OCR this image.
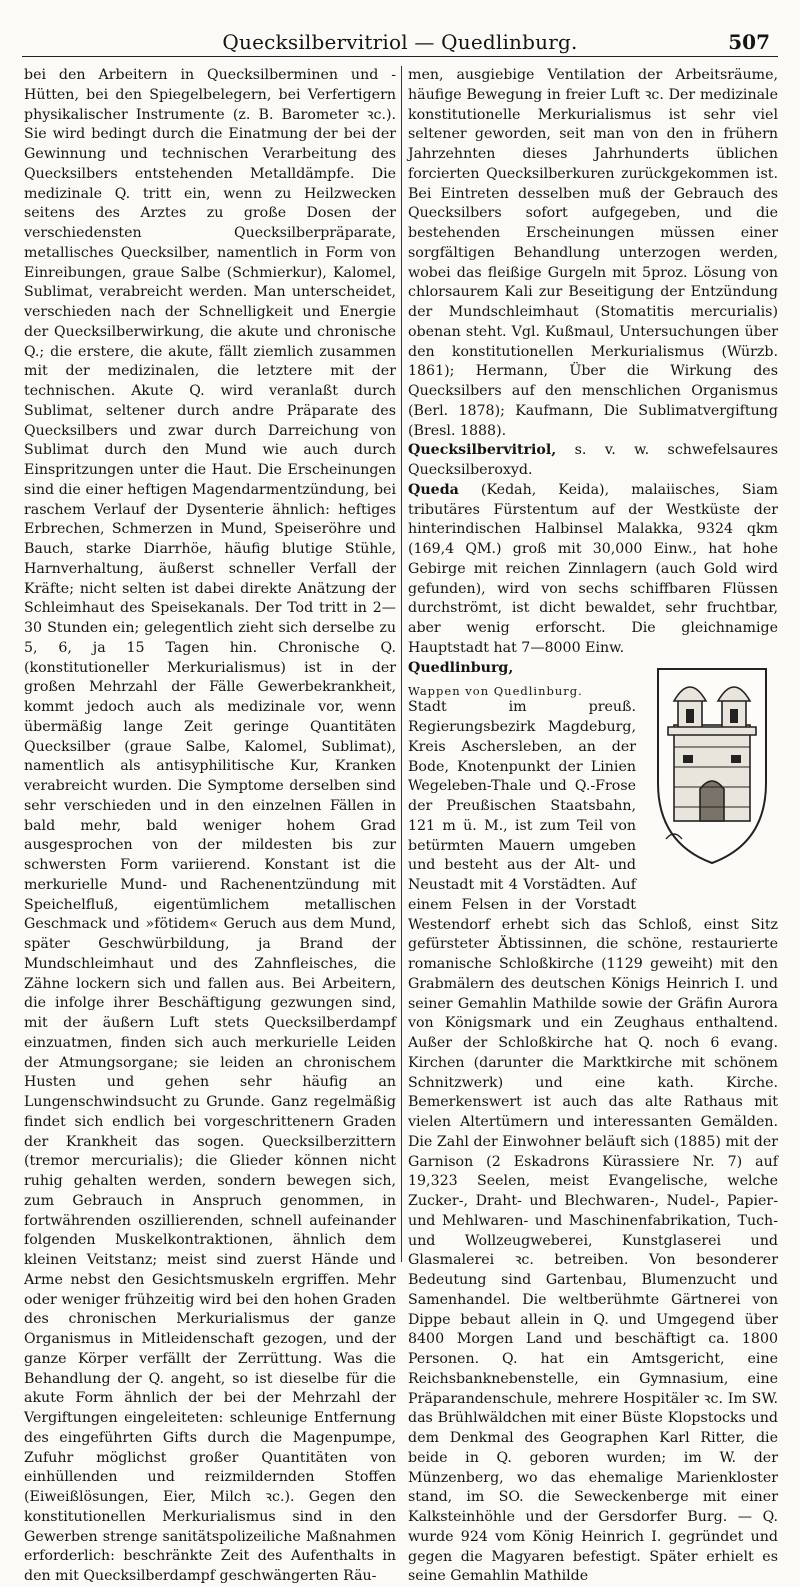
Quecksilbervitriol — Quedlinburg.	507

bei den Arbeitern in Quecksilberminen und -Hütten, bei den Spiegelbelegern, bei Verfertigern physikalischer Instrumente (z. B. Barometer ꝛc.). Sie wird bedingt durch die Einatmung der bei der Gewinnung und technischen Verarbeitung des Quecksilbers entstehenden Metalldämpfe. Die medizinale Q. tritt ein, wenn zu Heilzwecken seitens des Arztes zu große Dosen der verschiedensten Quecksilberpräparate, metallisches Quecksilber, namentlich in Form von Einreibungen, graue Salbe (Schmierkur), Kalomel, Sublimat, verabreicht werden. Man unterscheidet, verschieden nach der Schnelligkeit und Energie der Quecksilberwirkung, die akute und chronische Q.; die erstere, die akute, fällt ziemlich zusammen mit der medizinalen, die letztere mit der technischen. Akute Q. wird veranlaßt durch Sublimat, seltener durch andre Präparate des Quecksilbers und zwar durch Darreichung von Sublimat durch den Mund wie auch durch Einspritzungen unter die Haut. Die Erscheinungen sind die einer heftigen Magendarmentzündung, bei raschem Verlauf der Dysenterie ähnlich: heftiges Erbrechen, Schmerzen in Mund, Speiseröhre und Bauch, starke Diarrhöe, häufig blutige Stühle, Harnverhaltung, äußerst schneller Verfall der Kräfte; nicht selten ist dabei direkte Anätzung der Schleimhaut des Speisekanals. Der Tod tritt in 2—30 Stunden ein; gelegentlich zieht sich derselbe zu 5, 6, ja 15 Tagen hin. Chronische Q. (konstitutioneller Merkurialismus) ist in der großen Mehrzahl der Fälle Gewerbekrankheit, kommt jedoch auch als medizinale vor, wenn übermäßig lange Zeit geringe Quantitäten Quecksilber (graue Salbe, Kalomel, Sublimat), namentlich als antisyphilitische Kur, Kranken verabreicht wurden. Die Symptome derselben sind sehr verschieden und in den einzelnen Fällen in bald mehr, bald weniger hohem Grad ausgesprochen von der mildesten bis zur schwersten Form variierend. Konstant ist die merkurielle Mund- und Rachenentzündung mit Speichelfluß, eigentümlichem metallischen Geschmack und »fötidem« Geruch aus dem Mund, später Geschwürbildung, ja Brand der Mundschleimhaut und des Zahnfleisches, die Zähne lockern sich und fallen aus. Bei Arbeitern, die infolge ihrer Beschäftigung gezwungen sind, mit der äußern Luft stets Quecksilberdampf einzuatmen, finden sich auch merkurielle Leiden der Atmungsorgane; sie leiden an chronischem Husten und gehen sehr häufig an Lungenschwindsucht zu Grunde. Ganz regelmäßig findet sich endlich bei vorgeschrittenern Graden der Krankheit das sogen. Quecksilberzittern (tremor mercurialis); die Glieder können nicht ruhig gehalten werden, sondern bewegen sich, zum Gebrauch in Anspruch genommen, in fortwährenden oszillierenden, schnell aufeinander folgenden Muskelkontraktionen, ähnlich dem kleinen Veitstanz; meist sind zuerst Hände und Arme nebst den Gesichtsmuskeln ergriffen. Mehr oder weniger frühzeitig wird bei den hohen Graden des chronischen Merkurialismus der ganze Organismus in Mitleidenschaft gezogen, und der ganze Körper verfällt der Zerrüttung. Was die Behandlung der Q. angeht, so ist dieselbe für die akute Form ähnlich der bei der Mehrzahl der Vergiftungen eingeleiteten: schleunige Entfernung des eingeführten Gifts durch die Magenpumpe, Zufuhr möglichst großer Quantitäten von einhüllenden und reizmildernden Stoffen (Eiweißlösungen, Eier, Milch ꝛc.). Gegen den konstitutionellen Merkurialismus sind in den Gewerben strenge sanitätspolizeiliche Maßnahmen erforderlich: beschränkte Zeit des Aufenthalts in den mit Quecksilberdampf geschwängerten Räu-

men, ausgiebige Ventilation der Arbeitsräume, häufige Bewegung in freier Luft ꝛc. Der medizinale konstitutionelle Merkurialismus ist sehr viel seltener geworden, seit man von den in frühern Jahrzehnten dieses Jahrhunderts üblichen forcierten Quecksilberkuren zurückgekommen ist. Bei Eintreten desselben muß der Gebrauch des Quecksilbers sofort aufgegeben, und die bestehenden Erscheinungen müssen einer sorgfältigen Behandlung unterzogen werden, wobei das fleißige Gurgeln mit 5proz. Lösung von chlorsaurem Kali zur Beseitigung der Entzündung der Mundschleimhaut (Stomatitis mercurialis) obenan steht. Vgl. Kußmaul, Untersuchungen über den konstitutionellen Merkurialismus (Würzb. 1861); Hermann, Über die Wirkung des Quecksilbers auf den menschlichen Organismus (Berl. 1878); Kaufmann, Die Sublimatvergiftung (Bresl. 1888).

Quecksilbervitriol, s. v. w. schwefelsaures Quecksilberoxyd.

Queda (Kedah, Keida), malaiisches, Siam tributäres Fürstentum auf der Westküste der hinterindischen Halbinsel Malakka, 9324 qkm (169,4 QM.) groß mit 30,000 Einw., hat hohe Gebirge mit reichen Zinnlagern (auch Gold wird gefunden), wird von sechs schiffbaren Flüssen durchströmt, ist dicht bewaldet, sehr fruchtbar, aber wenig erforscht. Die gleichnamige Hauptstadt hat 7—8000 Einw.

Quedlinburg,

Wappen von Quedlinburg.
Stadt im preuß. Regierungsbezirk Magdeburg, Kreis Aschersleben, an der Bode, Knotenpunkt der Linien Wegeleben-Thale und Q.-Frose der Preußischen Staatsbahn, 121 m ü. M., ist zum Teil von betürmten Mauern umgeben und besteht aus der Alt- und Neustadt mit 4 Vorstädten. Auf einem Felsen in der Vorstadt Westendorf erhebt sich das Schloß, einst Sitz gefürsteter Äbtissinnen, die schöne, restaurierte romanische Schloßkirche (1129 geweiht) mit den Grabmälern des deutschen Königs Heinrich I. und seiner Gemahlin Mathilde sowie der Gräfin Aurora von Königsmark und ein Zeughaus enthaltend. Außer der Schloßkirche hat Q. noch 6 evang. Kirchen (darunter die Marktkirche mit schönem Schnitzwerk) und eine kath. Kirche. Bemerkenswert ist auch das alte Rathaus mit vielen Altertümern und interessanten Gemälden. Die Zahl der Einwohner beläuft sich (1885) mit der Garnison (2 Eskadrons Kürassiere Nr. 7) auf 19,323 Seelen, meist Evangelische, welche Zucker-, Draht- und Blechwaren-, Nudel-, Papier- und Mehlwaren- und Maschinenfabrikation, Tuch- und Wollzeugweberei, Kunstglaserei und Glasmalerei ꝛc. betreiben. Von besonderer Bedeutung sind Gartenbau, Blumenzucht und Samenhandel. Die weltberühmte Gärtnerei von Dippe bebaut allein in Q. und Umgegend über 8400 Morgen Land und beschäftigt ca. 1800 Personen. Q. hat ein Amtsgericht, eine Reichsbanknebenstelle, ein Gymnasium, eine Präparandenschule, mehrere Hospitäler ꝛc. Im SW. das Brühlwäldchen mit einer Büste Klopstocks und dem Denkmal des Geographen Karl Ritter, die beide in Q. geboren wurden; im W. der Münzenberg, wo das ehemalige Marienkloster stand, im SO. die Seweckenberge mit einer Kalksteinhöhle und der Gersdorfer Burg. — Q. wurde 924 vom König Heinrich I. gegründet und gegen die Magyaren befestigt. Später erhielt es seine Gemahlin Mathilde
